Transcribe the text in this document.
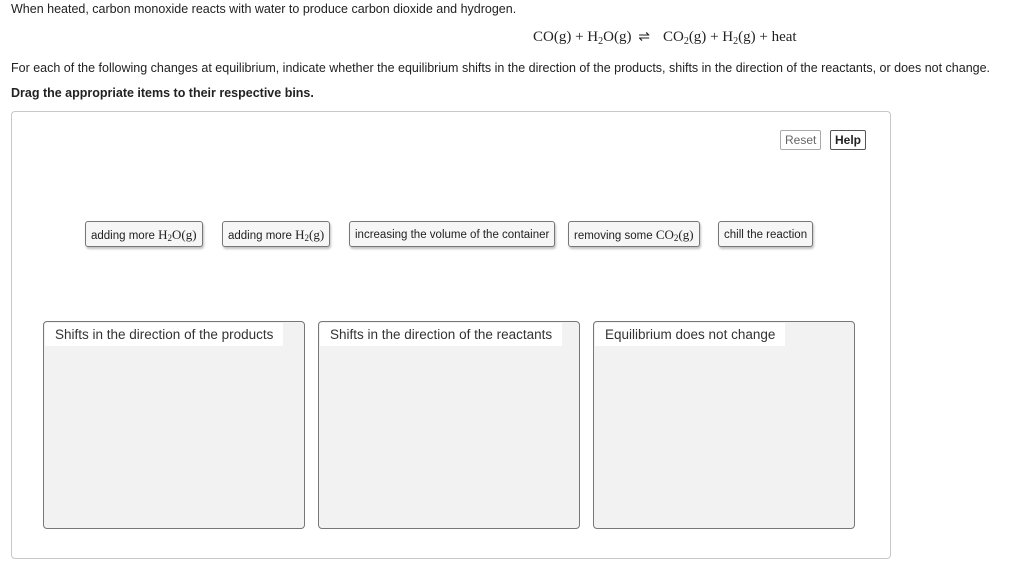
When heated, carbon monoxide reacts with water to produce carbon dioxide and hydrogen.
$CO(g) + H_2O(g)$ ⇌ $CO_2(g) + H_2(g)$ + heat
For each of the following changes at equilibrium, indicate whether the equilibrium shifts in the direction of the products, shifts in the direction of the reactants, or does not change.
Drag the appropriate items to their respective bins.
Reset	Help
adding more $H_2O(g)$	adding more $H_2(g)$	increasing the volume of the container	removing some $CO_2(g)$	chill the reaction
Shifts in the direction of the products	Shifts in the direction of the reactants	Equilibrium does not change
